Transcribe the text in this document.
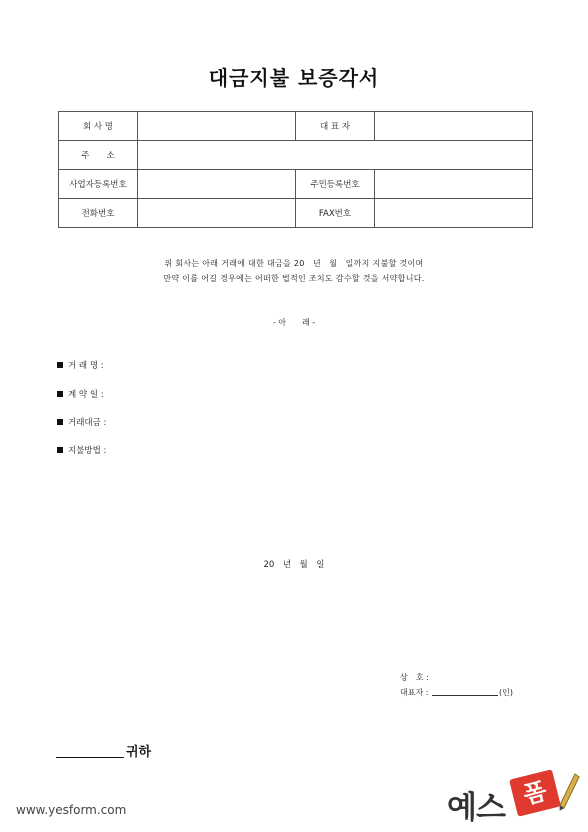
대금지불 보증각서
회 사 명		대 표 자	
주　　소			
사업자등록번호		주민등록번호	
전화번호		FAX번호	
위 회사는 아래 거래에 대한 대금을 20　년　월　일까지 지불할 것이며
만약 이를 어길 경우에는 어떠한 법적인 조치도 감수할 것을 서약합니다.
- 아　　래 -
거 래 명 :
계 약 일 :
거래대금 :
지불방법 :
20　년　월　일
상　호 :
대표자 :	(인)
귀하
www.yesform.com	예스 폼
